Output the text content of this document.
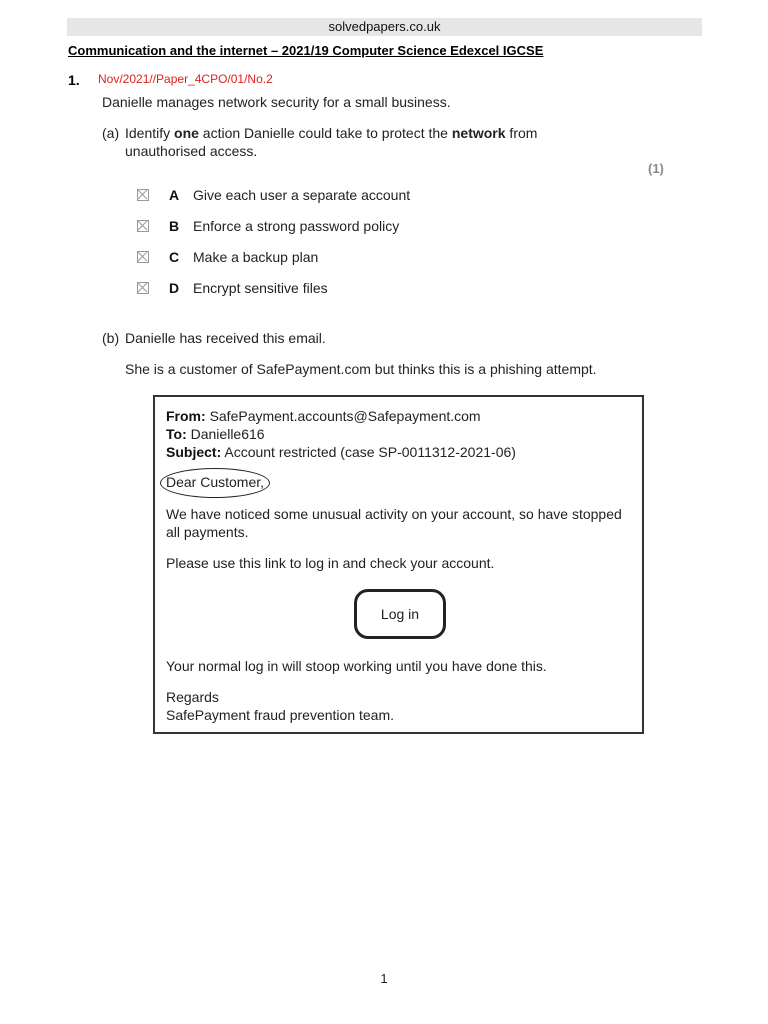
solvedpapers.co.uk
Communication and the internet – 2021/19 Computer Science Edexcel IGCSE
1. Nov/2021//Paper_4CPO/01/No.2
Danielle manages network security for a small business.
(a) Identify one action Danielle could take to protect the network from
unauthorised access.
(1)
A Give each user a separate account
B Enforce a strong password policy
C Make a backup plan
D Encrypt sensitive files
(b) Danielle has received this email.
She is a customer of SafePayment.com but thinks this is a phishing attempt.
From: SafePayment.accounts@Safepayment.com
To: Danielle616
Subject: Account restricted (case SP-0011312-2021-06)
Dear Customer,
We have noticed some unusual activity on your account, so have stopped
all payments.
Please use this link to log in and check your account.
Log in
Your normal log in will stoop working until you have done this.
Regards
SafePayment fraud prevention team.
1
